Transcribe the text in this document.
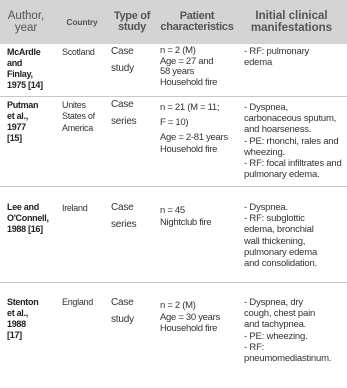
Author,
year	Country Type of
study
Patient
characteristics
Initial clinical
manifestations
McArdle
and
Finlay,
1975 [14]
Scotland Case
study
n = 2 (M)
Age = 27 and
58 years
Household fire
- RF: pulmonary
edema
Putman
et al.,
1977
[15]
Unites
States of
America
Case
series
n = 21 (M = 11;
F = 10)
Age = 2-81 years
Household fire
- Dyspnea,
carbonaceous sputum,
and hoarseness.
- PE: rhonchi, rales and
wheezing.
- RF: focal infiltrates and
pulmonary edema.
Lee and
O'Connell,
1988 [16]
Ireland Case
series
n = 45
Nightclub fire
- Dyspnea.
- RF: subglottic
edema, bronchial
wall thickening,
pulmonary edema
and consolidation.
Stenton
et al.,
1988
[17]
England Case
study
n = 2 (M)
Age = 30 years
Household fire
- Dyspnea, dry
cough, chest pain
and tachypnea.
- PE: wheezing.
- RF:
pneumomediastinum.
